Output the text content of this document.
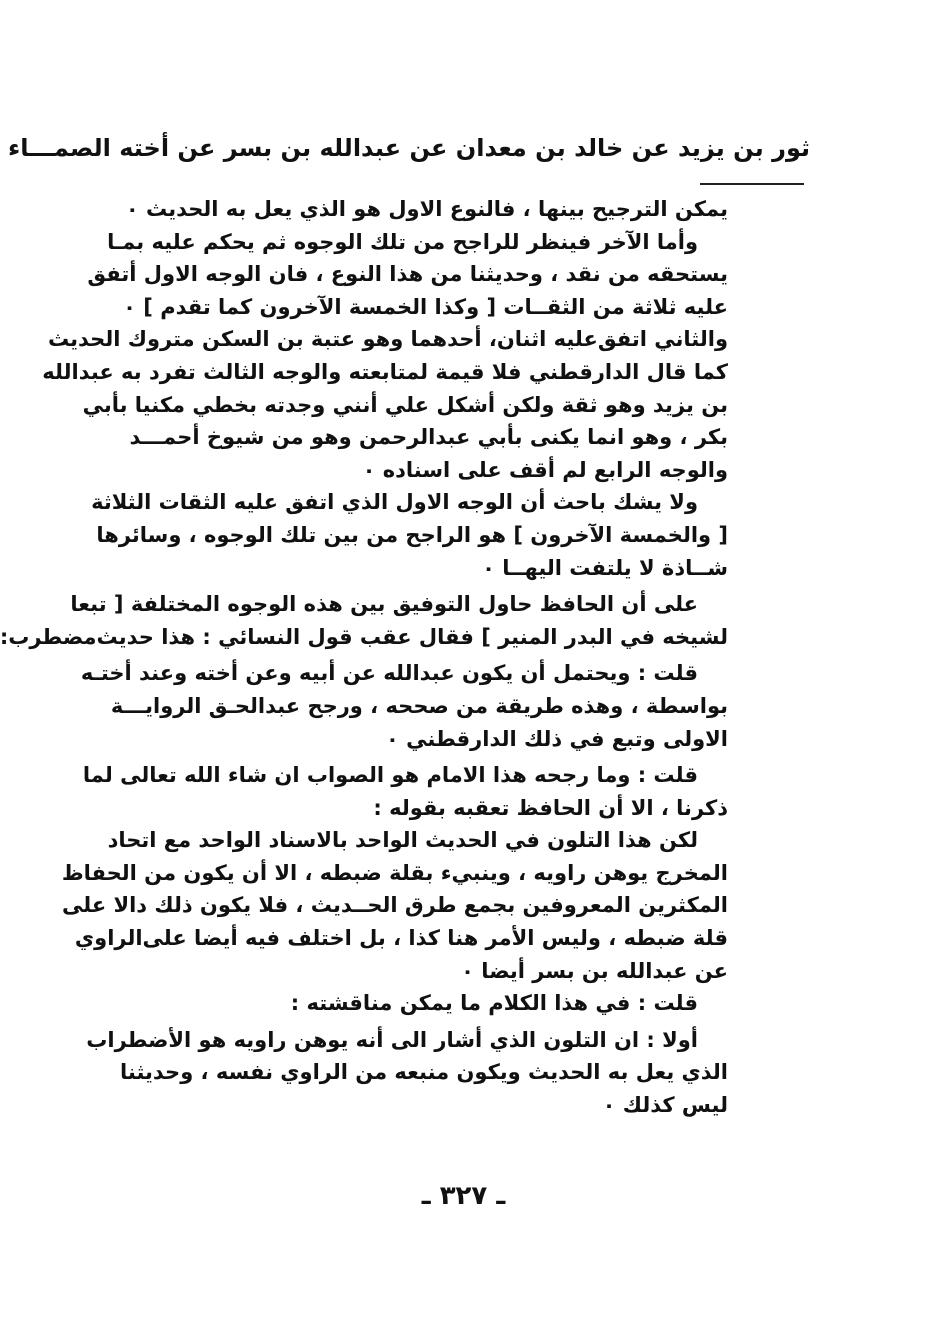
ثور بن يزيد عن خالد بن معدان عن عبدالله بن بسر عن أخته الصمـــاء
يمكن الترجيح بينها ، فالنوع الاول هو الذي يعل به الحديث ٠
وأما الآخر فينظر للراجح من تلك الوجوه ثم يحكم عليه بمـا
يستحقه من نقد ، وحديثنا من هذا النوع ، فان الوجه الاول أتفق
عليه ثلاثة من الثقــات [ وكذا الخمسة الآخرون كما تقدم ] ٠
والثاني اتفق‌عليه اثنان، أحدهما وهو عتبة بن السكن متروك الحديث
كما قال الدارقطني فلا قيمة لمتابعته والوجه الثالث تفرد به عبدالله
بن يزيد وهو ثقة ولكن أشكل علي أنني وجدته بخطي مكنيا بأبي
بكر ، وهو انما يكنى بأبي عبدالرحمن وهو من شيوخ أحمـــد
والوجه الرابع لم أقف على اسناده ٠
ولا يشك باحث أن الوجه الاول الذي اتفق عليه الثقات الثلاثة
[ والخمسة الآخرون ] هو الراجح من بين تلك الوجوه ، وسائرها
شــاذة لا يلتفت اليهــا ٠
على أن الحافظ حاول التوفيق بين هذه الوجوه المختلفة [ تبعا
لشيخه في البدر المنير ] فقال عقب قول النسائي : هذا حديث‌مضطرب:
قلت : ويحتمل أن يكون عبدالله عن أبيه وعن أخته وعند أختـه
بواسطة ، وهذه طريقة من صححه ، ورجح عبدالحـق الروايـــة
الاولى وتبع في ذلك الدارقطني ٠
قلت : وما رجحه هذا الامام هو الصواب ان شاء الله تعالى لما
ذكرنا ، الا أن الحافظ تعقبه بقوله :
لكن هذا التلون في الحديث الواحد بالاسناد الواحد مع اتحاد
المخرج يوهن راويه ، وينبيء بقلة ضبطه ، الا أن يكون من الحفاظ
المكثرين المعروفين بجمع طرق الحــديث ، فلا يكون ذلك دالا على
قلة ضبطه ، وليس الأمر هنا كذا ، بل اختلف فيه أيضا على‌الراوي
عن عبدالله بن بسر أيضا ٠
قلت : في هذا الكلام ما يمكن مناقشته :
أولا : ان التلون الذي أشار الى أنه يوهن راويه هو الأضطراب
الذي يعل به الحديث ويكون منبعه من الراوي نفسه ، وحديثنا
ليس كذلك ٠
ـ ٣٢٧ ـ
